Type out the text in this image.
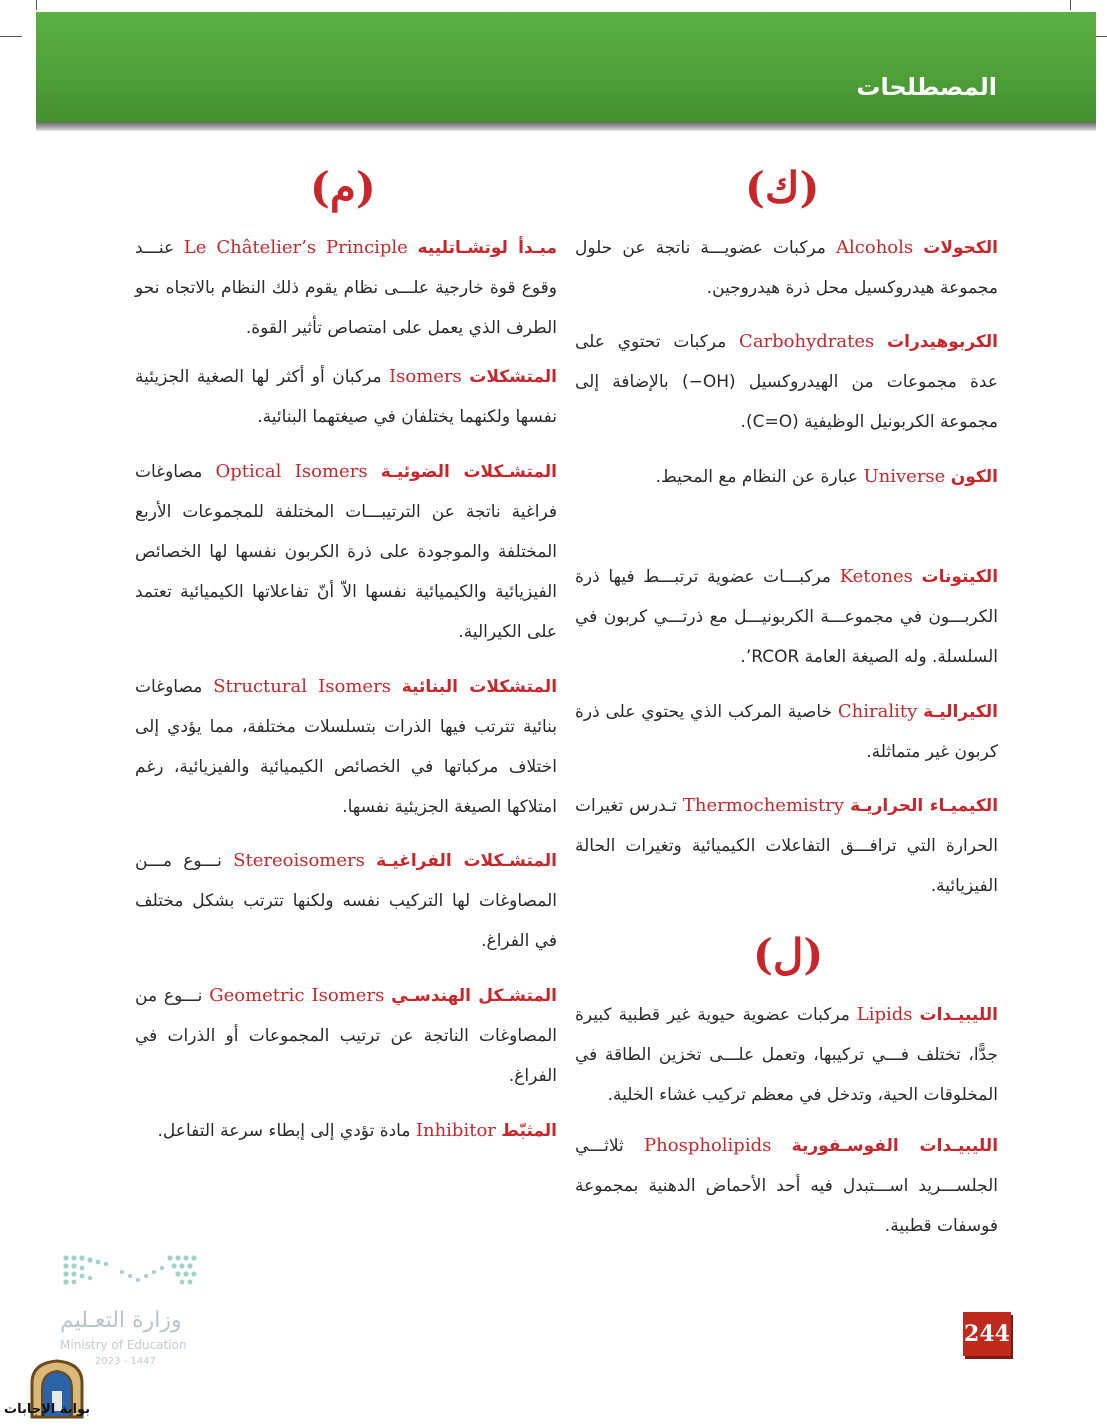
المصطلحات
(ك)
الكحولات Alcohols مركبات عضويـــة ناتجة عن حلول مجموعة هيدروكسيل محل ذرة هيدروجين.
الكربوهيدرات Carbohydrates مركبات تحتوي على عدة مجموعات من الهيدروكسيل (OH−) بالإضافة إلى مجموعة الكربونيل الوظيفية (C=O).
الكون Universe عبارة عن النظام مع المحيط.
الكيتونات Ketones مركبـــات عضوية ترتبـــط فيها ذرة الكربـــون في مجموعـــة الكربونيـــل مع ذرتـــي كربون في السلسلة. وله الصيغة العامة RCOR’.
الكيراليـة Chirality خاصية المركب الذي يحتوي على ذرة كربون غير متماثلة.
الكيميـاء الحراريـة Thermochemistry تـدرس تغيرات الحرارة التي ترافـــق التفاعلات الكيميائية وتغيرات الحالة الفيزيائية.
(ل)
الليبيـدات Lipids مركبات عضوية حيوية غير قطبية كبيرة جدًّا، تختلف فـــي تركيبها، وتعمل علـــى تخزين الطاقة في المخلوقات الحية، وتدخل في معظم تركيب غشاء الخلية.
الليبيـدات الفوسـفورية Phospholipids ثلاثـــي الجلســـريد اســـتبدل فيه أحد الأحماض الدهنية بمجموعة فوسفات قطبية.
(م)
مبـدأ لوتشـاتلييه Le Châtelier’s Principle عنـــد وقوع قوة خارجية علـــى نظام يقوم ذلك النظام بالاتجاه نحو الطرف الذي يعمل على امتصاص تأثير القوة.
المتشكلات Isomers مركبان أو أكثر لها الصغية الجزيئية نفسها ولكنهما يختلفان في صيغتهما البنائية.
المتشـكلات الضوئيـة Optical Isomers مصاوغات فراغية ناتجة عن الترتيبـــات المختلفة للمجموعات الأربع المختلفة والموجودة على ذرة الكربون نفسها لها الخصائص الفيزيائية والكيميائية نفسها الاّ أنّ تفاعلاتها الكيميائية تعتمد على الكيرالية.
المتشكلات البنائية Structural Isomers مصاوغات بنائية تترتب فيها الذرات بتسلسلات مختلفة، مما يؤدي إلى اختلاف مركباتها في الخصائص الكيميائية والفيزيائية، رغم امتلاكها الصيغة الجزيئية نفسها.
المتشـكلات الفراغيـة Stereoisomers نـــوع مـــن المصاوغات لها التركيب نفسه ولكنها تترتب بشكل مختلف في الفراغ.
المتشـكل الهندسـي Geometric Isomers نـــوع من المصاوغات الناتجة عن ترتيب المجموعات أو الذرات في الفراغ.
المثبّط Inhibitor مادة تؤدي إلى إبطاء سرعة التفاعل.
وزارة التعـليم
Ministry of Education
2023 - 1447
244
بوابة الإجابات
